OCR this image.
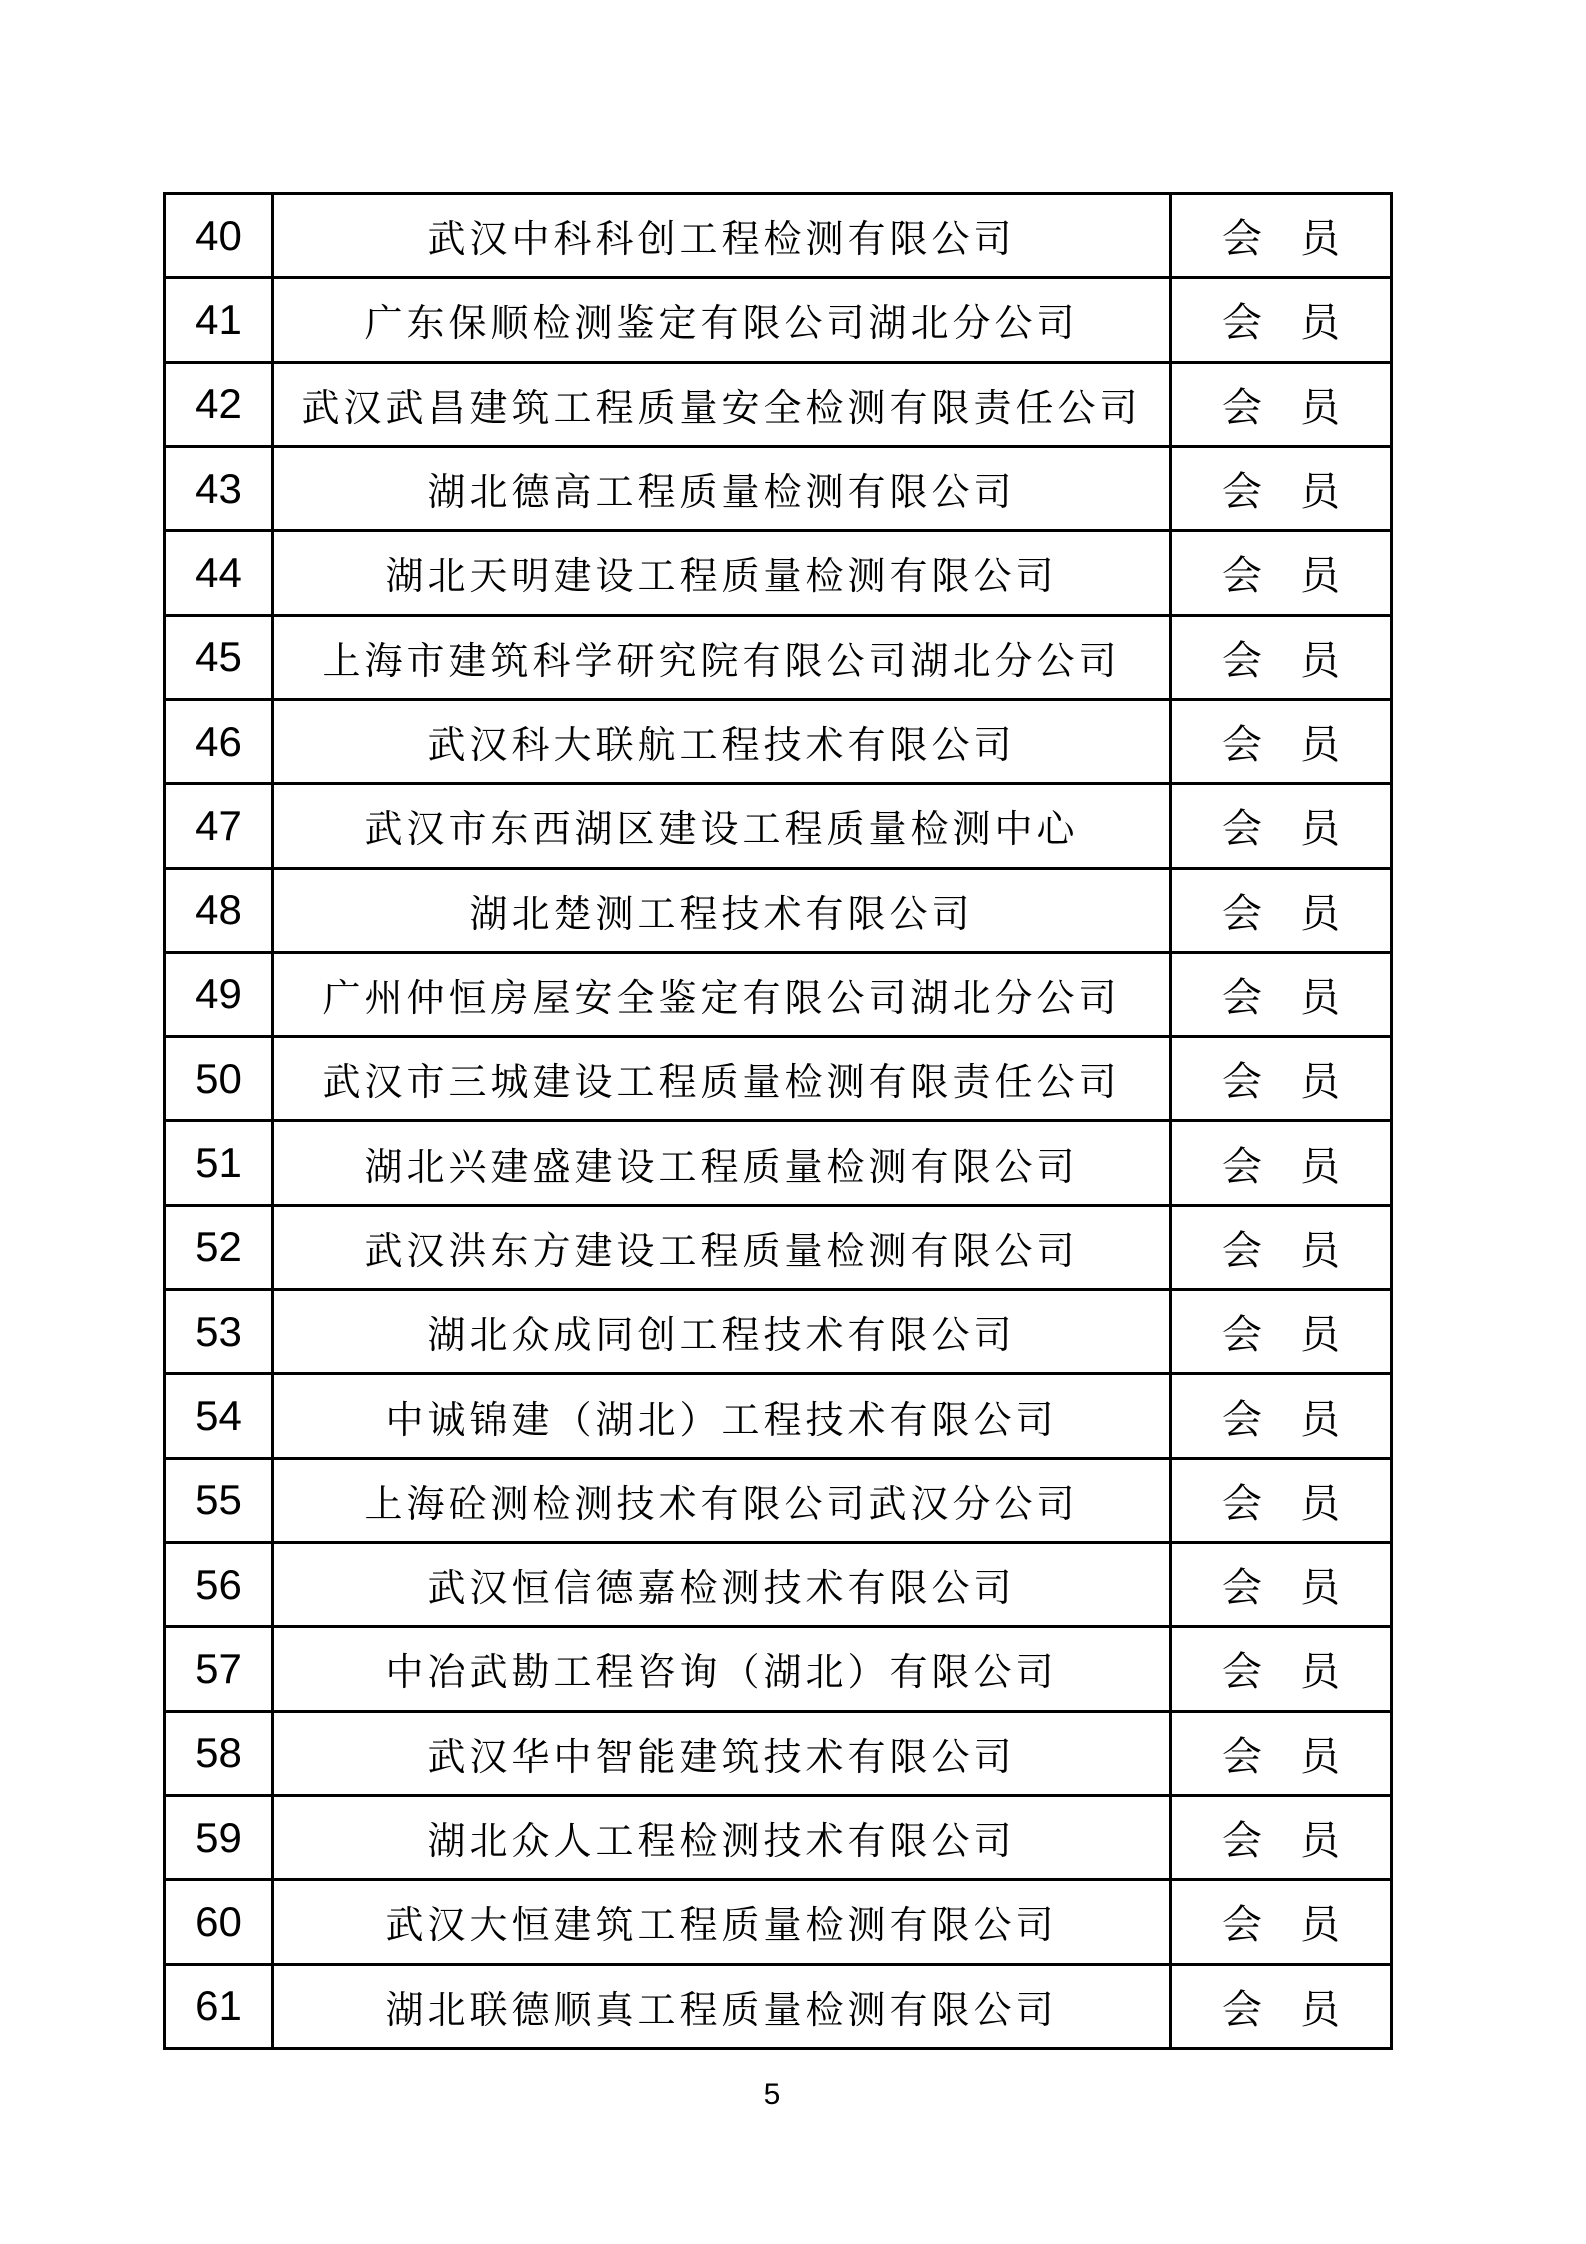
40	武汉中科科创工程检测有限公司	会 员
41	广东保顺检测鉴定有限公司湖北分公司	会 员
42	武汉武昌建筑工程质量安全检测有限责任公司	会 员
43	湖北德高工程质量检测有限公司	会 员
44	湖北天明建设工程质量检测有限公司	会 员
45	上海市建筑科学研究院有限公司湖北分公司	会 员
46	武汉科大联航工程技术有限公司	会 员
47	武汉市东西湖区建设工程质量检测中心	会 员
48	湖北楚测工程技术有限公司	会 员
49	广州仲恒房屋安全鉴定有限公司湖北分公司	会 员
50	武汉市三城建设工程质量检测有限责任公司	会 员
51	湖北兴建盛建设工程质量检测有限公司	会 员
52	武汉洪东方建设工程质量检测有限公司	会 员
53	湖北众成同创工程技术有限公司	会 员
54	中诚锦建（湖北）工程技术有限公司	会 员
55	上海砼测检测技术有限公司武汉分公司	会 员
56	武汉恒信德嘉检测技术有限公司	会 员
57	中冶武勘工程咨询（湖北）有限公司	会 员
58	武汉华中智能建筑技术有限公司	会 员
59	湖北众人工程检测技术有限公司	会 员
60	武汉大恒建筑工程质量检测有限公司	会 员
61	湖北联德顺真工程质量检测有限公司	会 员
5
